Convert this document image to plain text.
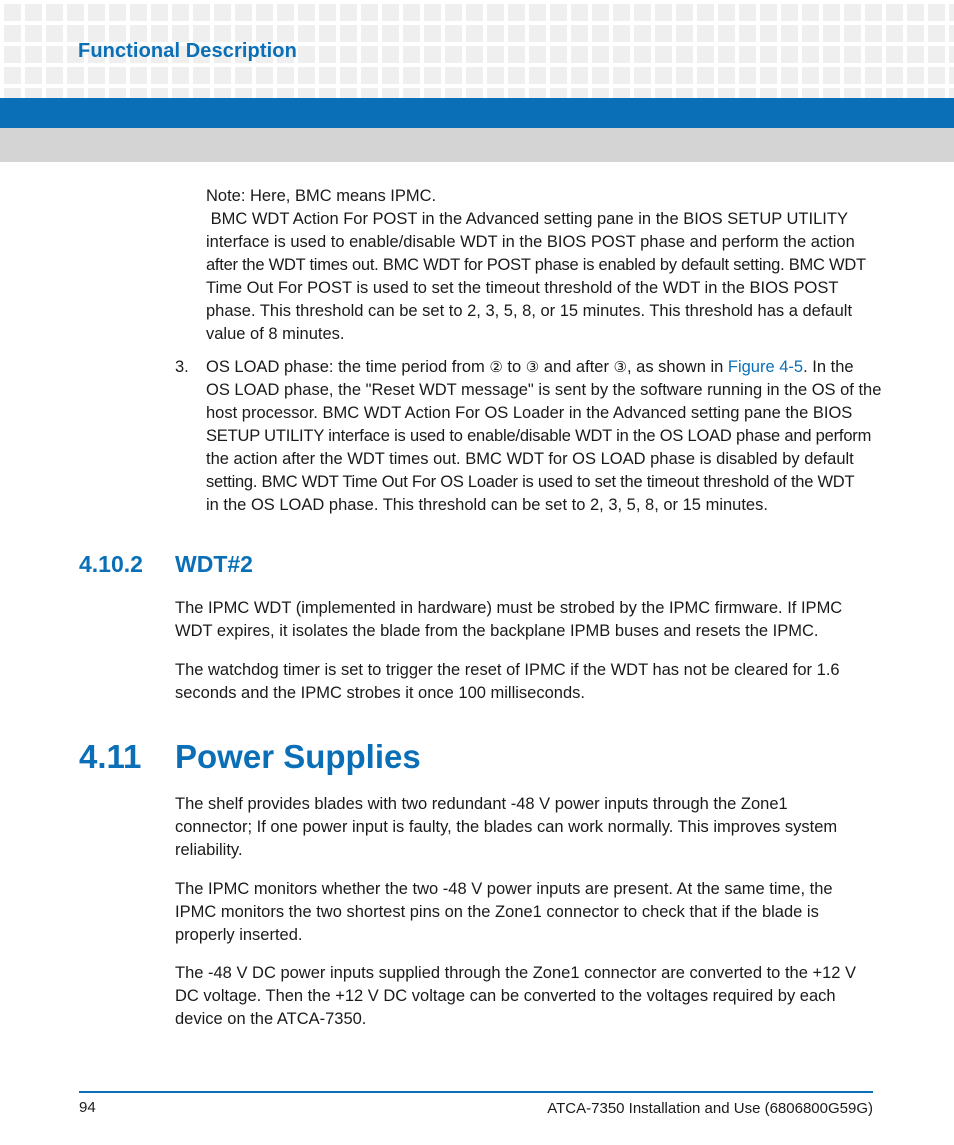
Functional Description

Note: Here, BMC means IPMC.

BMC WDT Action For POST in the Advanced setting pane in the BIOS SETUP UTILITY

interface is used to enable/disable WDT in the BIOS POST phase and perform the action

after the WDT times out. BMC WDT for POST phase is enabled by default setting. BMC WDT

Time Out For POST is used to set the timeout threshold of the WDT in the BIOS POST

phase. This threshold can be set to 2, 3, 5, 8, or 15 minutes. This threshold has a default

value of 8 minutes.

3. OS LOAD phase: the time period from ② to ③ and after ③, as shown in Figure 4-5. In the

OS LOAD phase, the "Reset WDT message" is sent by the software running in the OS of the

host processor. BMC WDT Action For OS Loader in the Advanced setting pane the BIOS

SETUP UTILITY interface is used to enable/disable WDT in the OS LOAD phase and perform

the action after the WDT times out. BMC WDT for OS LOAD phase is disabled by default

setting. BMC WDT Time Out For OS Loader is used to set the timeout threshold of the WDT

in the OS LOAD phase. This threshold can be set to 2, 3, 5, 8, or 15 minutes.

4.10.2 WDT#2

The IPMC WDT (implemented in hardware) must be strobed by the IPMC firmware. If IPMC

WDT expires, it isolates the blade from the backplane IPMB buses and resets the IPMC.

The watchdog timer is set to trigger the reset of IPMC if the WDT has not be cleared for 1.6

seconds and the IPMC strobes it once 100 milliseconds.

4.11 Power Supplies

The shelf provides blades with two redundant -48 V power inputs through the Zone1

connector; If one power input is faulty, the blades can work normally. This improves system

reliability.

The IPMC monitors whether the two -48 V power inputs are present. At the same time, the

IPMC monitors the two shortest pins on the Zone1 connector to check that if the blade is

properly inserted.

The -48 V DC power inputs supplied through the Zone1 connector are converted to the +12 V

DC voltage. Then the +12 V DC voltage can be converted to the voltages required by each

device on the ATCA-7350.

94	ATCA-7350 Installation and Use (6806800G59G)
